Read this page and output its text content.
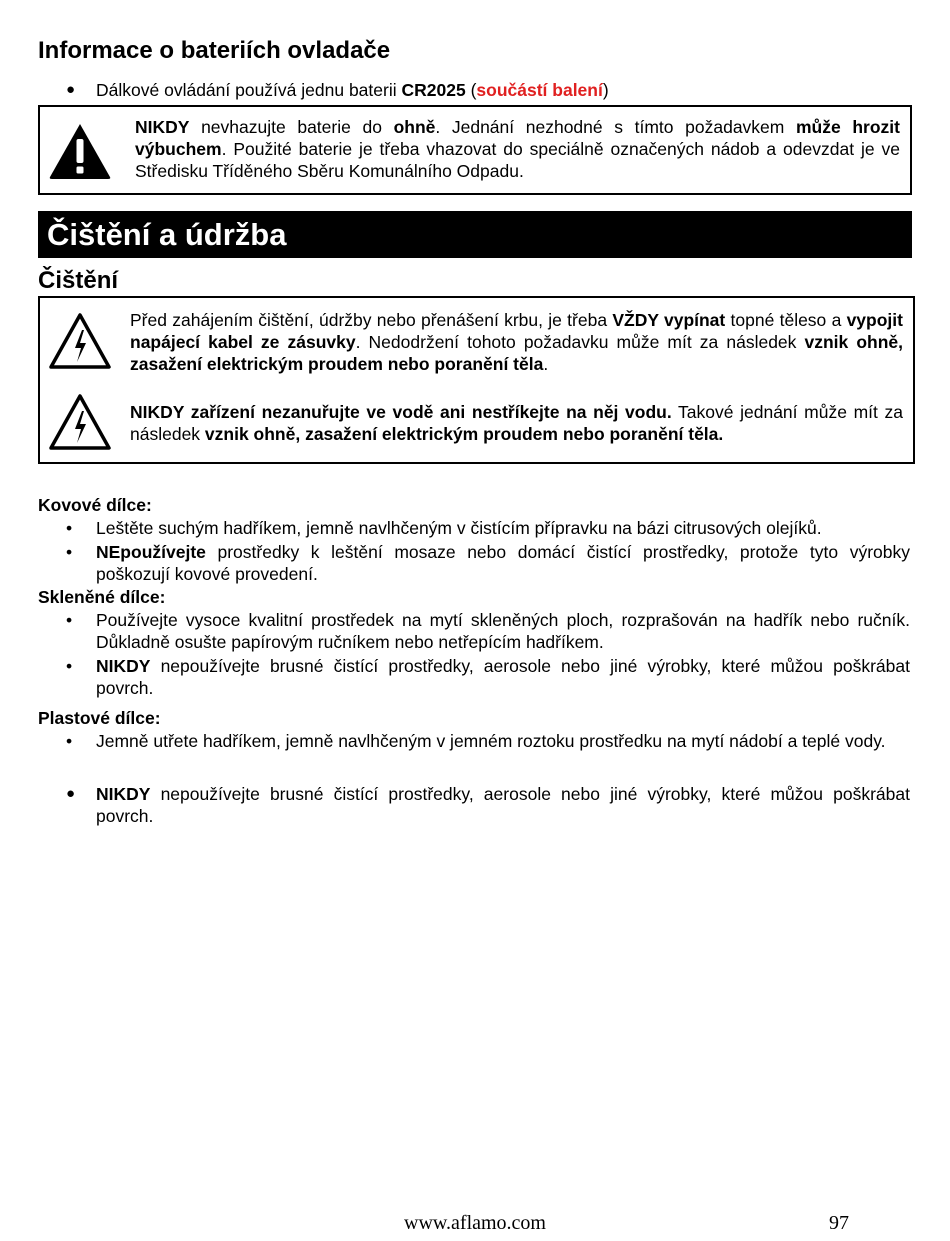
Informace o bateriích ovladače
●	Dálkové ovládání používá jednu baterii CR2025 (součástí balení)
NIKDY nevhazujte baterie do ohně. Jednání nezhodné s tímto požadavkem může hrozit výbuchem. Použité baterie je třeba vhazovat do speciálně označených nádob a odevzdat je ve Středisku Tříděného Sběru Komunálního Odpadu.
Čištění a údržba
Čištění
Před zahájením čištění, údržby nebo přenášení krbu, je třeba VŽDY vypínat topné těleso a vypojit napájecí kabel ze zásuvky. Nedodržení tohoto požadavku může mít za následek vznik ohně, zasažení elektrickým proudem nebo poranění těla.
NIKDY zařízení nezanuřujte ve vodě ani nestříkejte na něj vodu. Takové jednání může mít za následek vznik ohně, zasažení elektrickým proudem nebo poranění těla.
Kovové dílce:
•	Leštěte suchým hadříkem, jemně navlhčeným v čistícím přípravku na bázi citrusových olejíků.
•	NEpoužívejte prostředky k leštění mosaze nebo domácí čistící prostředky, protože tyto výrobky poškozují kovové provedení.
Skleněné dílce:
•	Používejte vysoce kvalitní prostředek na mytí skleněných ploch, rozprašován na hadřík nebo ručník. Důkladně osušte papírovým ručníkem nebo netřepícím hadříkem.
•	NIKDY nepoužívejte brusné čistící prostředky, aerosole nebo jiné výrobky, které můžou poškrábat povrch.
Plastové dílce:
•	Jemně utřete hadříkem, jemně navlhčeným v jemném roztoku prostředku na mytí nádobí a teplé vody.
●	NIKDY nepoužívejte brusné čistící prostředky, aerosole nebo jiné výrobky, které můžou poškrábat povrch.
www.aflamo.com	97
